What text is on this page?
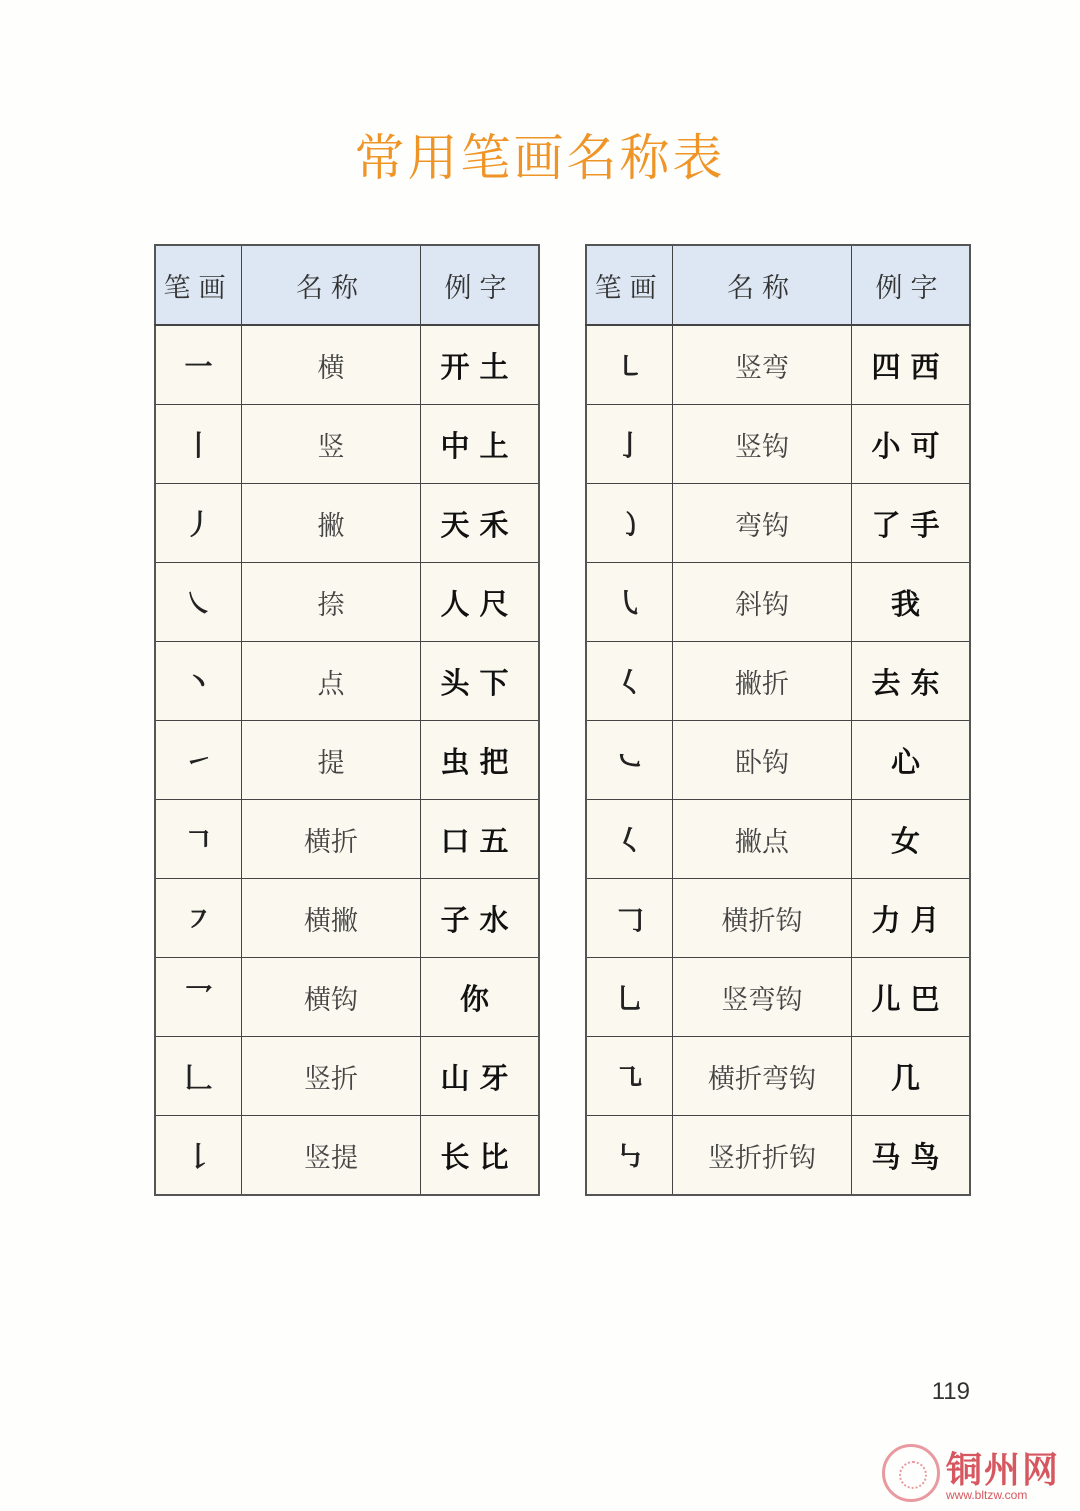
常用笔画名称表
笔画	名称	例字
一	横	开土
丨	竖	中上
丿	撇	天禾
㇏	捺	人尺
丶	点	头下
㇀	提	虫把
𠃍	横折	口五
㇇	横撇	子水
乛	横钩	你
𠃊	竖折	山牙
𠄌	竖提	长比
笔画	名称	例字
㇄	竖弯	四西
亅	竖钩	小可
㇁	弯钩	了手
㇂	斜钩	我
𡿨	撇折	去东
㇃	卧钩	心
𡿨	撇点	女
𠃌	横折钩	力月
乚	竖弯钩	儿巴
㇈	横折弯钩	几
㇉	竖折折钩	马鸟
119
铜州网
www.bltzw.com
